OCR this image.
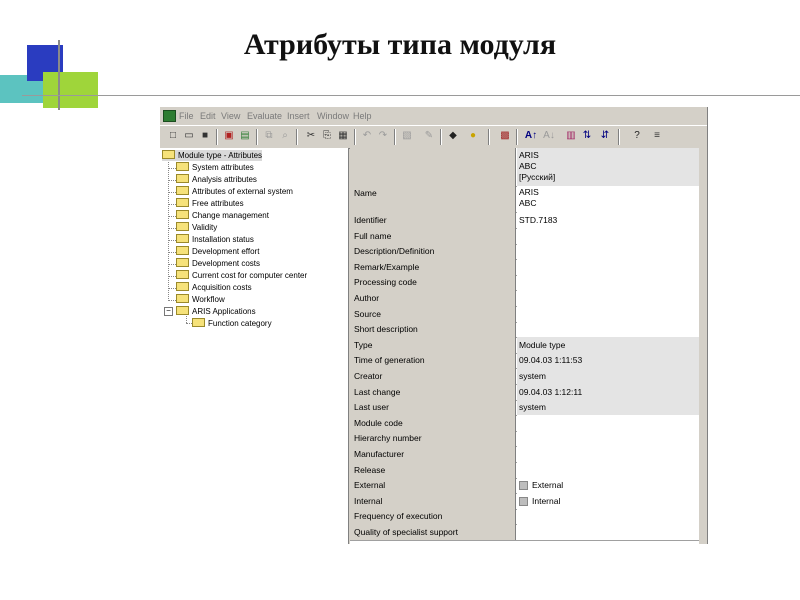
Атрибуты типа модуля
File Edit View Evaluate Insert Window Help
□ ▭ ■	▣ ▤	⧉ ⌕	✂ ⎘ ▦ ↶ ↷ ▧ ✎	◆	●	▩ A↑ A↓ ▥ ⇅ ⇵	?	≡
Module type - Attributes
System attributes
Analysis attributes
Attributes of external system
Free attributes
Change management
Validity
Installation status
Development effort
Development costs
Current cost for computer center
Acquisition costs
Workflow
−	ARIS Applications
Function category
ARIS
ABC
[Русский]
Name	ARIS
ABC
Identifier	STD.7183
Full name
Description/Definition
Remark/Example
Processing code
Author
Source
Short description
Type	Module type
Time of generation	09.04.03 1:11:53
Creator	system
Last change	09.04.03 1:12:11
Last user	system
Module code
Hierarchy number
Manufacturer
Release
External	External
Internal	Internal
Frequency of execution
Quality of specialist support
